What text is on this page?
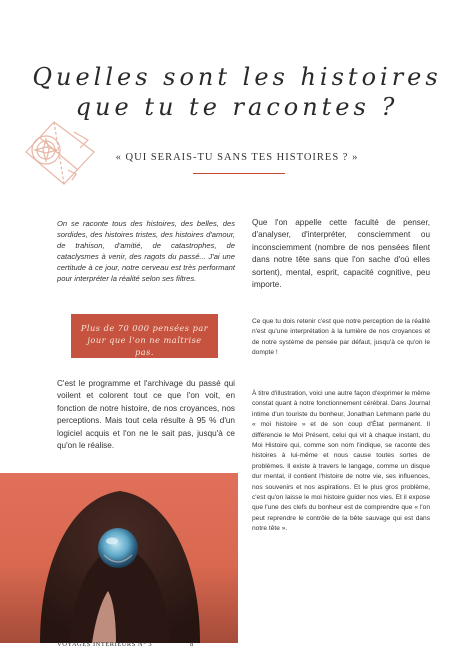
Quelles sont les histoires
que tu te racontes ?
« QUI SERAIS-TU SANS TES HISTOIRES ? »

On se raconte tous des histoires, des belles, des sordides, des histoires tristes, des histoires d'amour, de trahison, d'amitié, de catastrophes, de cataclysmes à venir, des ragots du passé... J'ai une certitude à ce jour, notre cerveau est très performant pour interpréter la réalité selon ses filtres.

Plus de 70 000 pensées par jour que l'on ne maîtrise pas.

C'est le programme et l'archivage du passé qui voilent et colorent tout ce que l'on voit, en fonction de notre histoire, de nos croyances, nos perceptions. Mais tout cela résulte à 95 % d'un logiciel acquis et l'on ne le sait pas, jusqu'à ce qu'on le réalise.

Que l'on appelle cette faculté de penser, d'analyser, d'interpréter, consciemment ou inconsciemment (nombre de nos pensées filent dans notre tête sans que l'on sache d'où elles sortent), mental, esprit, capacité cognitive, peu importe.

Ce que tu dois retenir c'est que notre perception de la réalité n'est qu'une interprétation à la lumière de nos croyances et de notre système de pensée par défaut, jusqu'à ce qu'on le dompte !

À titre d'illustration, voici une autre façon d'exprimer le même constat quant à notre fonctionnement cérébral. Dans Journal intime d'un touriste du bonheur, Jonathan Lehmann parle du « moi histoire » et de son coup d'État permanent. Il différencie le Moi Présent, celui qui vit à chaque instant, du Moi Histoire qui, comme son nom l'indique, se raconte des histoires à lui-même et nous cause toutes sortes de problèmes. Il existe à travers le langage, comme un disque dur mental, il contient l'histoire de notre vie, ses influences, nos souvenirs et nos aspirations. Et le plus gros problème, c'est qu'on laisse le moi histoire guider nos vies. Et il expose que l'une des clefs du bonheur est de comprendre que « l'on peut reprendre le contrôle de la bête sauvage qui est dans notre tête ».

VOYAGES INTERIEURS N° 3	8
